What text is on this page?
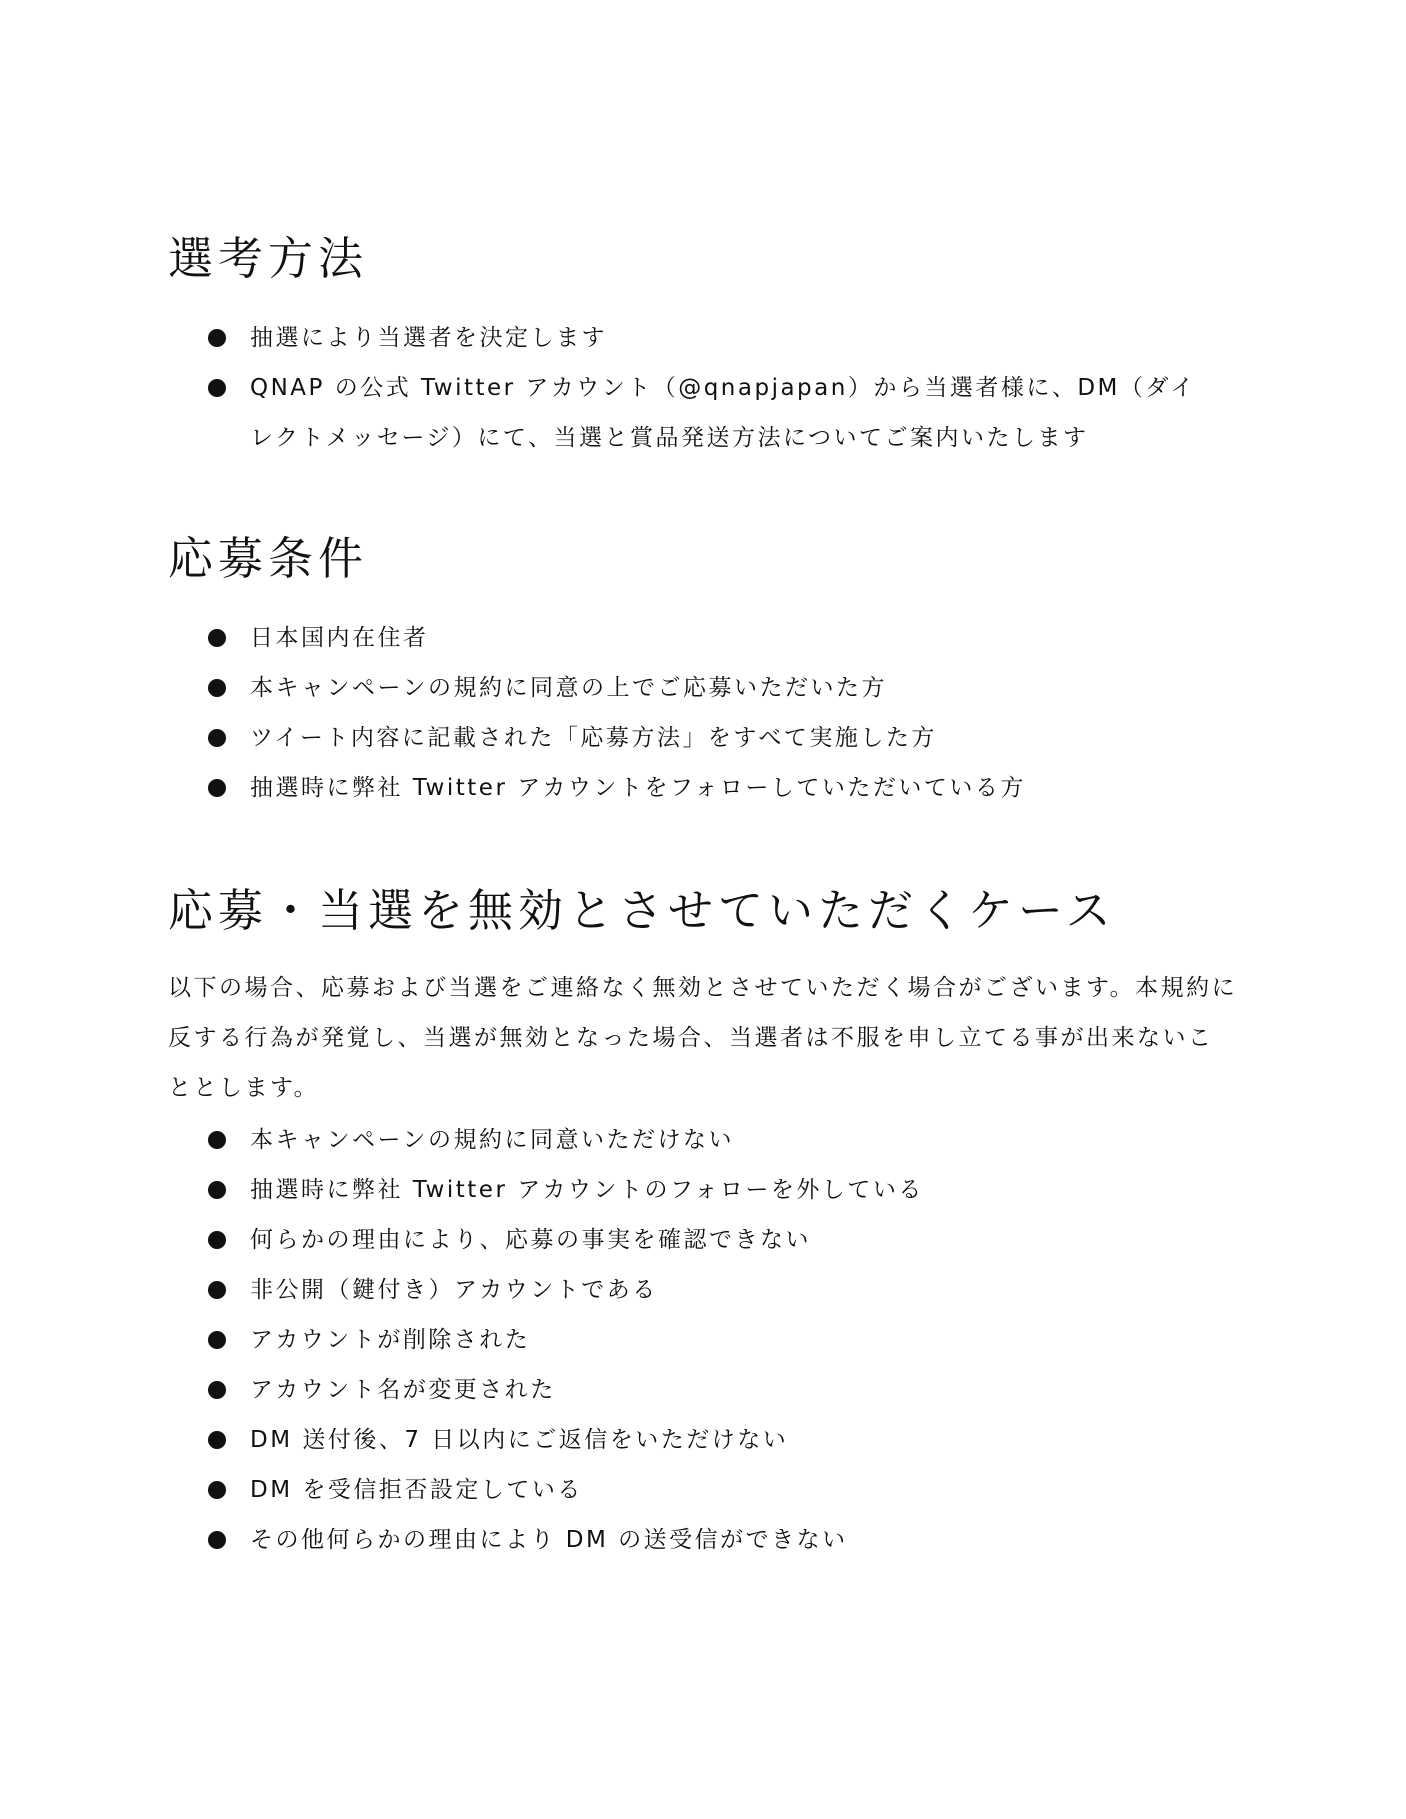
選考方法
抽選により当選者を決定します
QNAP の公式 Twitter アカウント（@qnapjapan）から当選者様に、DM（ダイレクトメッセージ）にて、当選と賞品発送方法についてご案内いたします
応募条件
日本国内在住者
本キャンペーンの規約に同意の上でご応募いただいた方
ツイート内容に記載された「応募方法」をすべて実施した方
抽選時に弊社 Twitter アカウントをフォローしていただいている方
応募・当選を無効とさせていただくケース

以下の場合、応募および当選をご連絡なく無効とさせていただく場合がございます。本規約に反する行為が発覚し、当選が無効となった場合、当選者は不服を申し立てる事が出来ないこととします。

本キャンペーンの規約に同意いただけない
抽選時に弊社 Twitter アカウントのフォローを外している
何らかの理由により、応募の事実を確認できない
非公開（鍵付き）アカウントである
アカウントが削除された
アカウント名が変更された
DM 送付後、7 日以内にご返信をいただけない
DM を受信拒否設定している
その他何らかの理由により DM の送受信ができない
